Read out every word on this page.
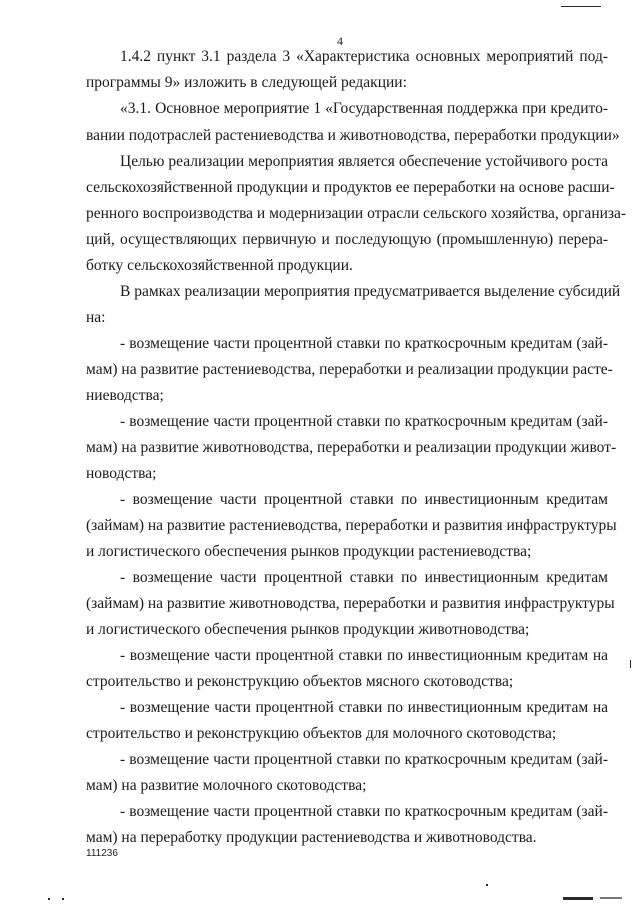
4
1.4.2 пункт 3.1 раздела 3 «Характеристика основных мероприятий под-
программы 9» изложить в следующей редакции:
«3.1. Основное мероприятие 1 «Государственная поддержка при кредито-
вании подотраслей растениеводства и животноводства, переработки продукции»
Целью реализации мероприятия является обеспечение устойчивого роста
сельскохозяйственной продукции и продуктов ее переработки на основе расши-
ренного воспроизводства и модернизации отрасли сельского хозяйства, организа-
ций, осуществляющих первичную и последующую (промышленную) перера-
ботку сельскохозяйственной продукции.
В рамках реализации мероприятия предусматривается выделение субсидий
на:
- возмещение части процентной ставки по краткосрочным кредитам (зай-
мам) на развитие растениеводства, переработки и реализации продукции расте-
ниеводства;
- возмещение части процентной ставки по краткосрочным кредитам (зай-
мам) на развитие животноводства, переработки и реализации продукции живот-
новодства;
- возмещение части процентной ставки по инвестиционным кредитам
(займам) на развитие растениеводства, переработки и развития инфраструктуры
и логистического обеспечения рынков продукции растениеводства;
- возмещение части процентной ставки по инвестиционным кредитам
(займам) на развитие животноводства, переработки и развития инфраструктуры
и логистического обеспечения рынков продукции животноводства;
- возмещение части процентной ставки по инвестиционным кредитам на
строительство и реконструкцию объектов мясного скотоводства;
- возмещение части процентной ставки по инвестиционным кредитам на
строительство и реконструкцию объектов для молочного скотоводства;
- возмещение части процентной ставки по краткосрочным кредитам (зай-
мам) на развитие молочного скотоводства;
- возмещение части процентной ставки по краткосрочным кредитам (зай-
мам) на переработку продукции растениеводства и животноводства.
111236
